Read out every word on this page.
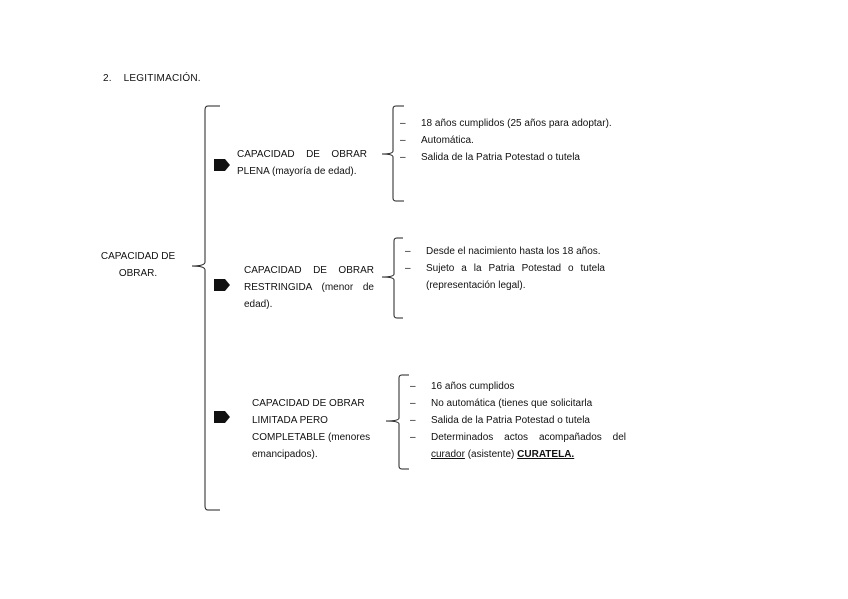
2. LEGITIMACIÓN.
CAPACIDAD DE
OBRAR.
CAPACIDAD DE OBRAR PLENA (mayoría de edad).
– 18 años cumplidos (25 años para adoptar).
– Automática.
– Salida de la Patria Potestad o tutela
CAPACIDAD DE OBRAR RESTRINGIDA (menor de edad).
– Desde el nacimiento hasta los 18 años.
– Sujeto a la Patria Potestad o tutela (representación legal).
CAPACIDAD DE OBRAR
LIMITADA PERO
COMPLETABLE (menores
emancipados).
– 16 años cumplidos
– No automática (tienes que solicitarla
– Salida de la Patria Potestad o tutela
– Determinados actos acompañados del curador (asistente) CURATELA.
